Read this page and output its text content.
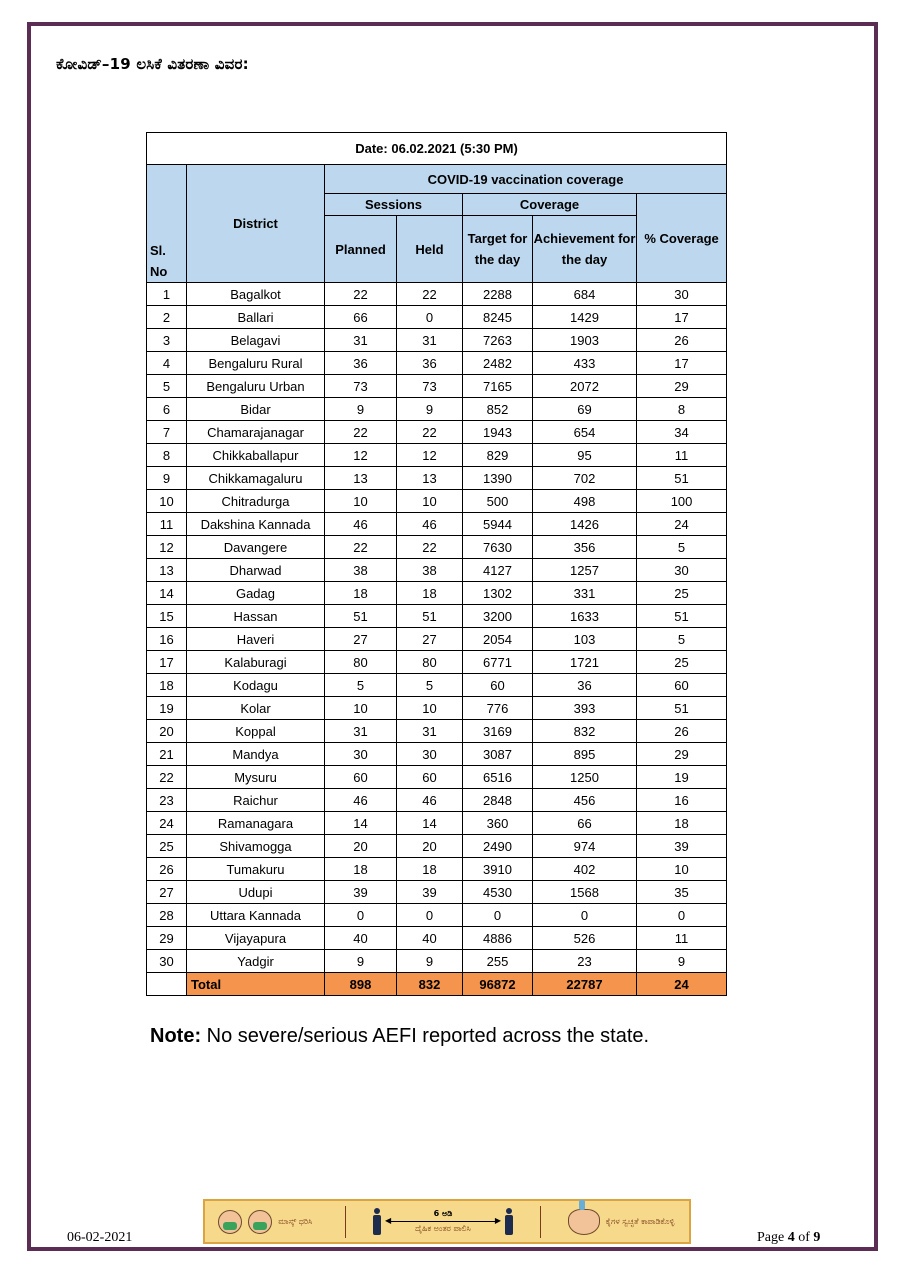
ಕೋವಿಡ್–19 ಲಸಿಕೆ ವಿತರಣಾ ವಿವರ:
Date: 06.02.2021 (5:30 PM)						
Sl. No	District	COVID-19 vaccination coverage				
		Sessions		Coverage		% Coverage
		Planned	Held	Target for the day	Achievement for the day	
1	Bagalkot	22	22	2288	684	30
2	Ballari	66	0	8245	1429	17
3	Belagavi	31	31	7263	1903	26
4	Bengaluru Rural	36	36	2482	433	17
5	Bengaluru Urban	73	73	7165	2072	29
6	Bidar	9	9	852	69	8
7	Chamarajanagar	22	22	1943	654	34
8	Chikkaballapur	12	12	829	95	11
9	Chikkamagaluru	13	13	1390	702	51
10	Chitradurga	10	10	500	498	100
11	Dakshina Kannada	46	46	5944	1426	24
12	Davangere	22	22	7630	356	5
13	Dharwad	38	38	4127	1257	30
14	Gadag	18	18	1302	331	25
15	Hassan	51	51	3200	1633	51
16	Haveri	27	27	2054	103	5
17	Kalaburagi	80	80	6771	1721	25
18	Kodagu	5	5	60	36	60
19	Kolar	10	10	776	393	51
20	Koppal	31	31	3169	832	26
21	Mandya	30	30	3087	895	29
22	Mysuru	60	60	6516	1250	19
23	Raichur	46	46	2848	456	16
24	Ramanagara	14	14	360	66	18
25	Shivamogga	20	20	2490	974	39
26	Tumakuru	18	18	3910	402	10
27	Udupi	39	39	4530	1568	35
28	Uttara Kannada	0	0	0	0	0
29	Vijayapura	40	40	4886	526	11
30	Yadgir	9	9	255	23	9
	Total	898	832	96872	22787	24
Note: No severe/serious AEFI reported across the state.
ಮಾಸ್ಕ್ ಧರಿಸಿ
6 ಅಡಿ
◀ ▶
ದೈಹಿಕ ಅಂತರ ಪಾಲಿಸಿ
ಕೈಗಳ ಸ್ವಚ್ಛತೆ ಕಾಪಾಡಿಕೊಳ್ಳಿ
06-02-2021	Page 4 of 9
